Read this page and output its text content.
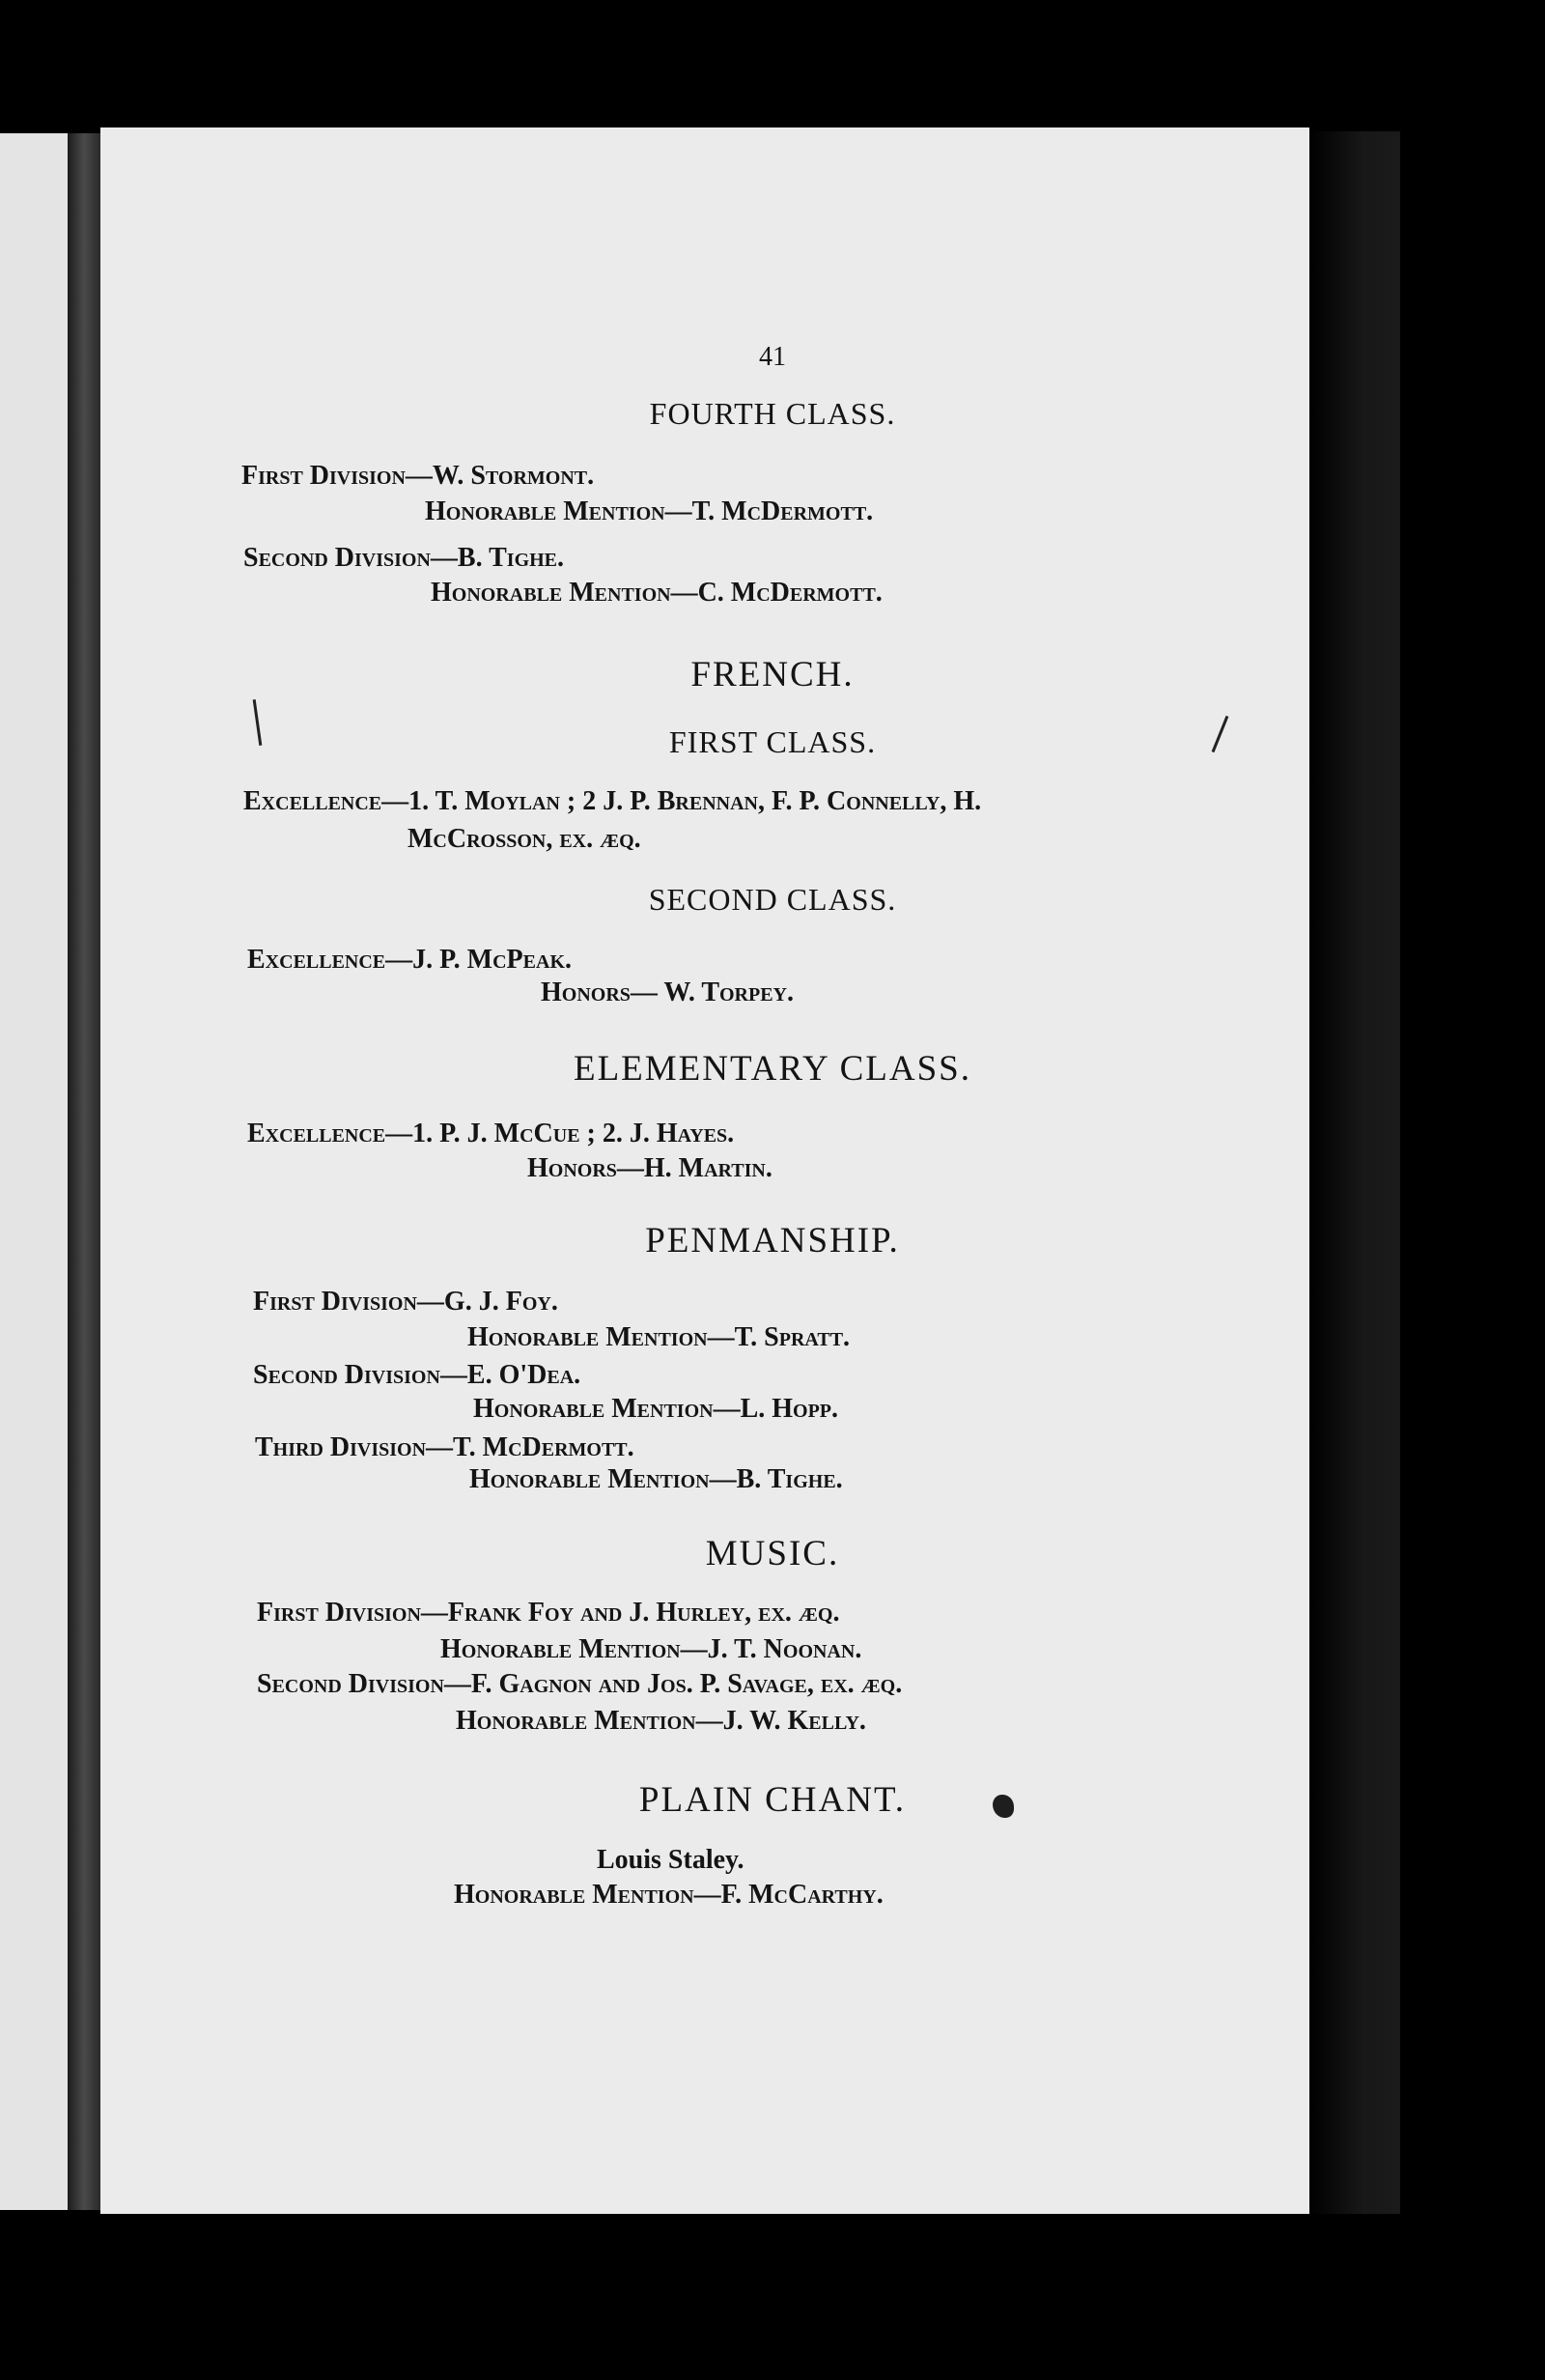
41

FOURTH CLASS.

First Division—W. Stormont.

Honorable Mention—T. McDermott.

Second Division—B. Tighe.

Honorable Mention—C. McDermott.

FRENCH.

FIRST CLASS.

Excellence—1. T. Moylan ; 2 J. P. Brennan, F. P. Connelly, H.

McCrosson, ex. æq.

SECOND CLASS.

Excellence—J. P. McPeak.

Honors— W. Torpey.

ELEMENTARY CLASS.

Excellence—1. P. J. McCue ; 2. J. Hayes.

Honors—H. Martin.

PENMANSHIP.

First Division—G. J. Foy.

Honorable Mention—T. Spratt.

Second Division—E. O'Dea.

Honorable Mention—L. Hopp.

Third Division—T. McDermott.

Honorable Mention—B. Tighe.

MUSIC.

First Division—Frank Foy and J. Hurley, ex. æq.

Honorable Mention—J. T. Noonan.

Second Division—F. Gagnon and Jos. P. Savage, ex. æq.

Honorable Mention—J. W. Kelly.

PLAIN CHANT.

Louis Staley.

Honorable Mention—F. McCarthy.
